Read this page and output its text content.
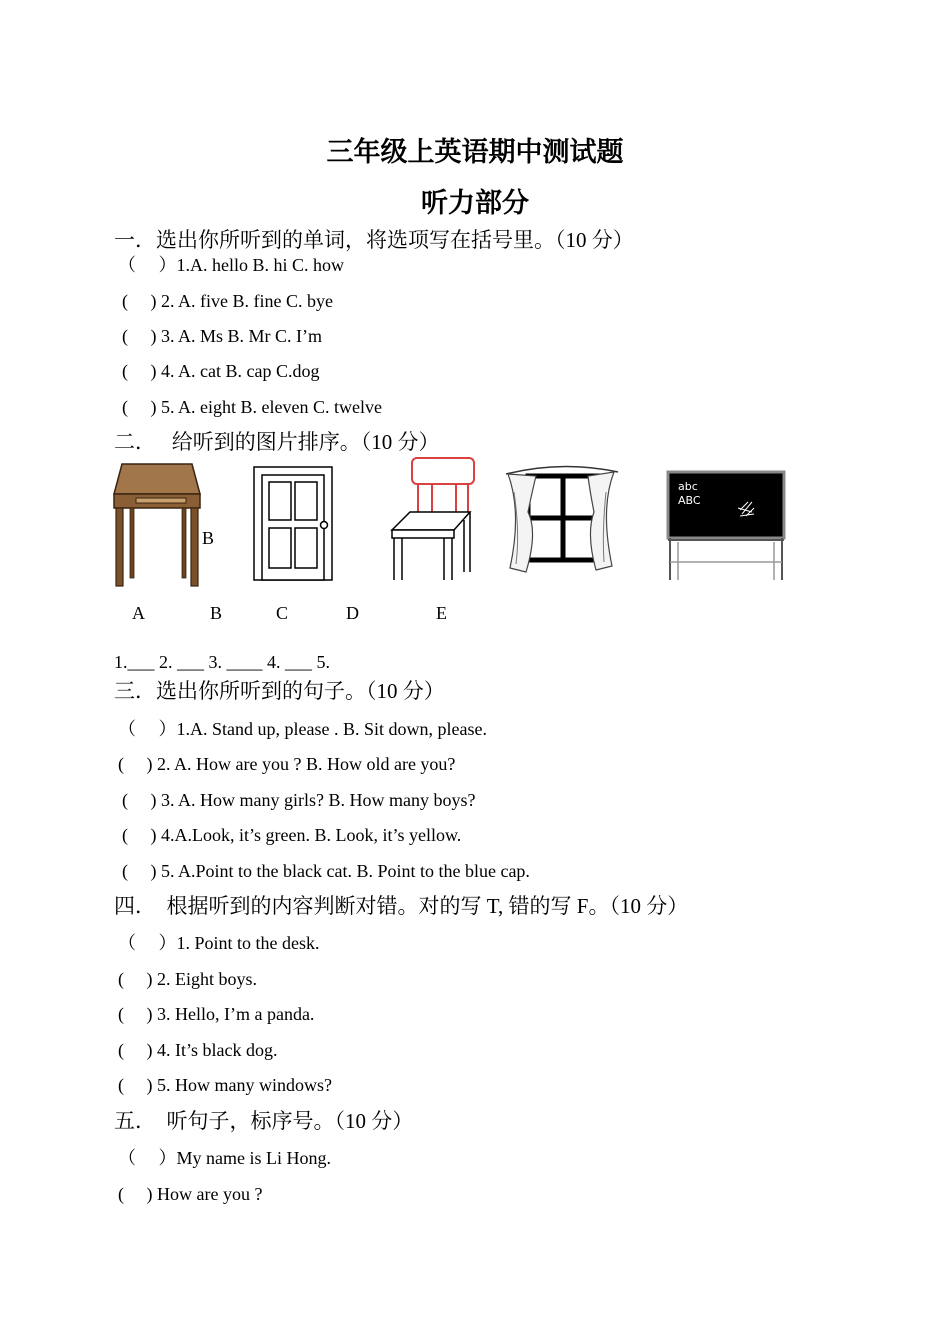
三年级上英语期中测试题
听力部分
一．选出你所听到的单词，将选项写在括号里。（10 分）
（　 ）1.A. hello B. hi C. how
(　 ) 2. A. five B. fine C. bye
(　 ) 3. A. Ms B. Mr C. I’m
(　 ) 4. A. cat B. cap C.dog
(　 ) 5. A. eight B. eleven C. twelve
二．　 给听到的图片排序。（10 分）
B
abc
ABC
A	B	C	D	E
1.___ 2. ___ 3. ____ 4. ___ 5.
三．选出你所听到的句子。（10 分）
（　 ）1.A. Stand up, please . B. Sit down, please.
(　 ) 2. A. How are you ? B. How old are you?
(　 ) 3. A. How many girls? B. How many boys?
(　 ) 4.A.Look, it’s green. B. Look, it’s yellow.
(　 ) 5. A.Point to the black cat. B. Point to the blue cap.
四．　根据听到的内容判断对错。对的写 T, 错的写 F。（10 分）
（　 ）1. Point to the desk.
(　 ) 2. Eight boys.
(　 ) 3. Hello, I’m a panda.
(　 ) 4. It’s black dog.
(　 ) 5. How many windows?
五．　听句子，标序号。（10 分）
（　 ）My name is Li Hong.
(　 ) How are you ?
